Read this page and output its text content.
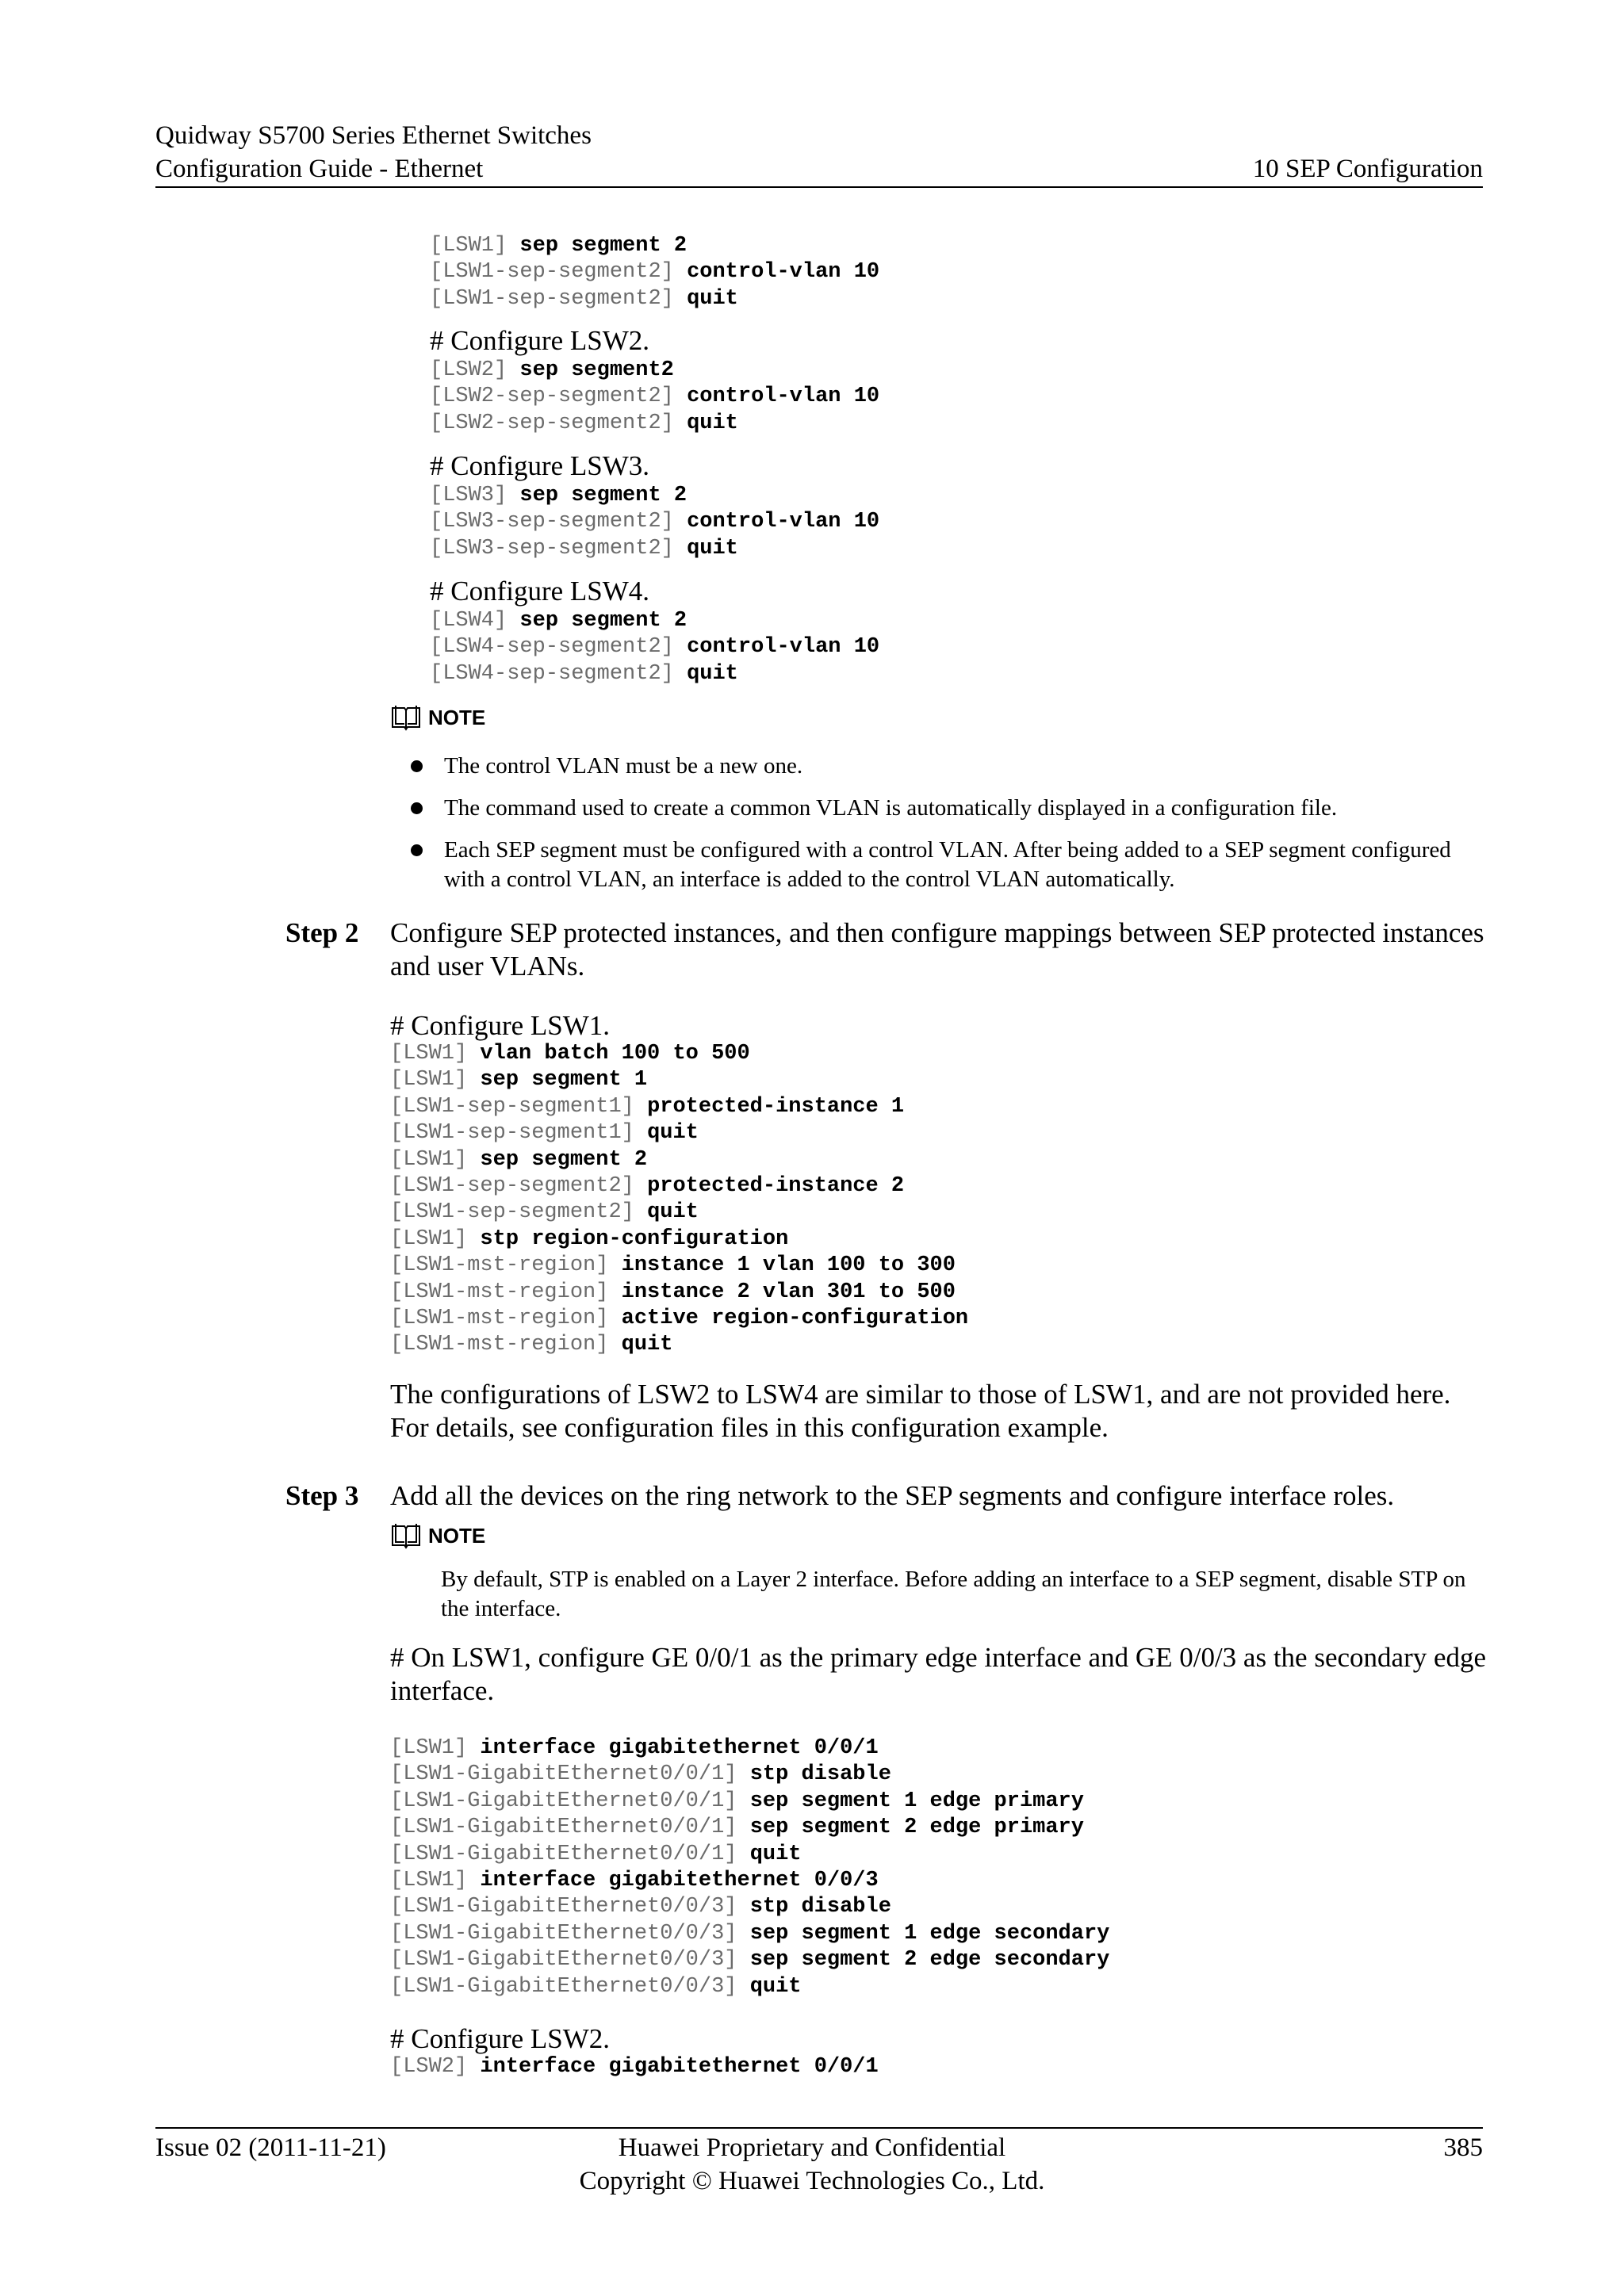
Quidway S5700 Series Ethernet Switches
Configuration Guide - Ethernet	10 SEP Configuration
[LSW1] sep segment 2
[LSW1-sep-segment2] control-vlan 10
[LSW1-sep-segment2] quit
# Configure LSW2.
[LSW2] sep segment2
[LSW2-sep-segment2] control-vlan 10
[LSW2-sep-segment2] quit
# Configure LSW3.
[LSW3] sep segment 2
[LSW3-sep-segment2] control-vlan 10
[LSW3-sep-segment2] quit
# Configure LSW4.
[LSW4] sep segment 2
[LSW4-sep-segment2] control-vlan 10
[LSW4-sep-segment2] quit
NOTE
The control VLAN must be a new one.
The command used to create a common VLAN is automatically displayed in a configuration file.
Each SEP segment must be configured with a control VLAN. After being added to a SEP segment configured with a control VLAN, an interface is added to the control VLAN automatically.
Step 2 Configure SEP protected instances, and then configure mappings between SEP protected instances and user VLANs.
# Configure LSW1.
[LSW1] vlan batch 100 to 500
[LSW1] sep segment 1
[LSW1-sep-segment1] protected-instance 1
[LSW1-sep-segment1] quit
[LSW1] sep segment 2
[LSW1-sep-segment2] protected-instance 2
[LSW1-sep-segment2] quit
[LSW1] stp region-configuration
[LSW1-mst-region] instance 1 vlan 100 to 300
[LSW1-mst-region] instance 2 vlan 301 to 500
[LSW1-mst-region] active region-configuration
[LSW1-mst-region] quit
The configurations of LSW2 to LSW4 are similar to those of LSW1, and are not provided here. For details, see configuration files in this configuration example.
Step 3 Add all the devices on the ring network to the SEP segments and configure interface roles.
NOTE
By default, STP is enabled on a Layer 2 interface. Before adding an interface to a SEP segment, disable STP on the interface.
# On LSW1, configure GE 0/0/1 as the primary edge interface and GE 0/0/3 as the secondary edge interface.
[LSW1] interface gigabitethernet 0/0/1
[LSW1-GigabitEthernet0/0/1] stp disable
[LSW1-GigabitEthernet0/0/1] sep segment 1 edge primary
[LSW1-GigabitEthernet0/0/1] sep segment 2 edge primary
[LSW1-GigabitEthernet0/0/1] quit
[LSW1] interface gigabitethernet 0/0/3
[LSW1-GigabitEthernet0/0/3] stp disable
[LSW1-GigabitEthernet0/0/3] sep segment 1 edge secondary
[LSW1-GigabitEthernet0/0/3] sep segment 2 edge secondary
[LSW1-GigabitEthernet0/0/3] quit
# Configure LSW2.
[LSW2] interface gigabitethernet 0/0/1
Issue 02 (2011-11-21)	Huawei Proprietary and Confidential
Copyright © Huawei Technologies Co., Ltd.
385
